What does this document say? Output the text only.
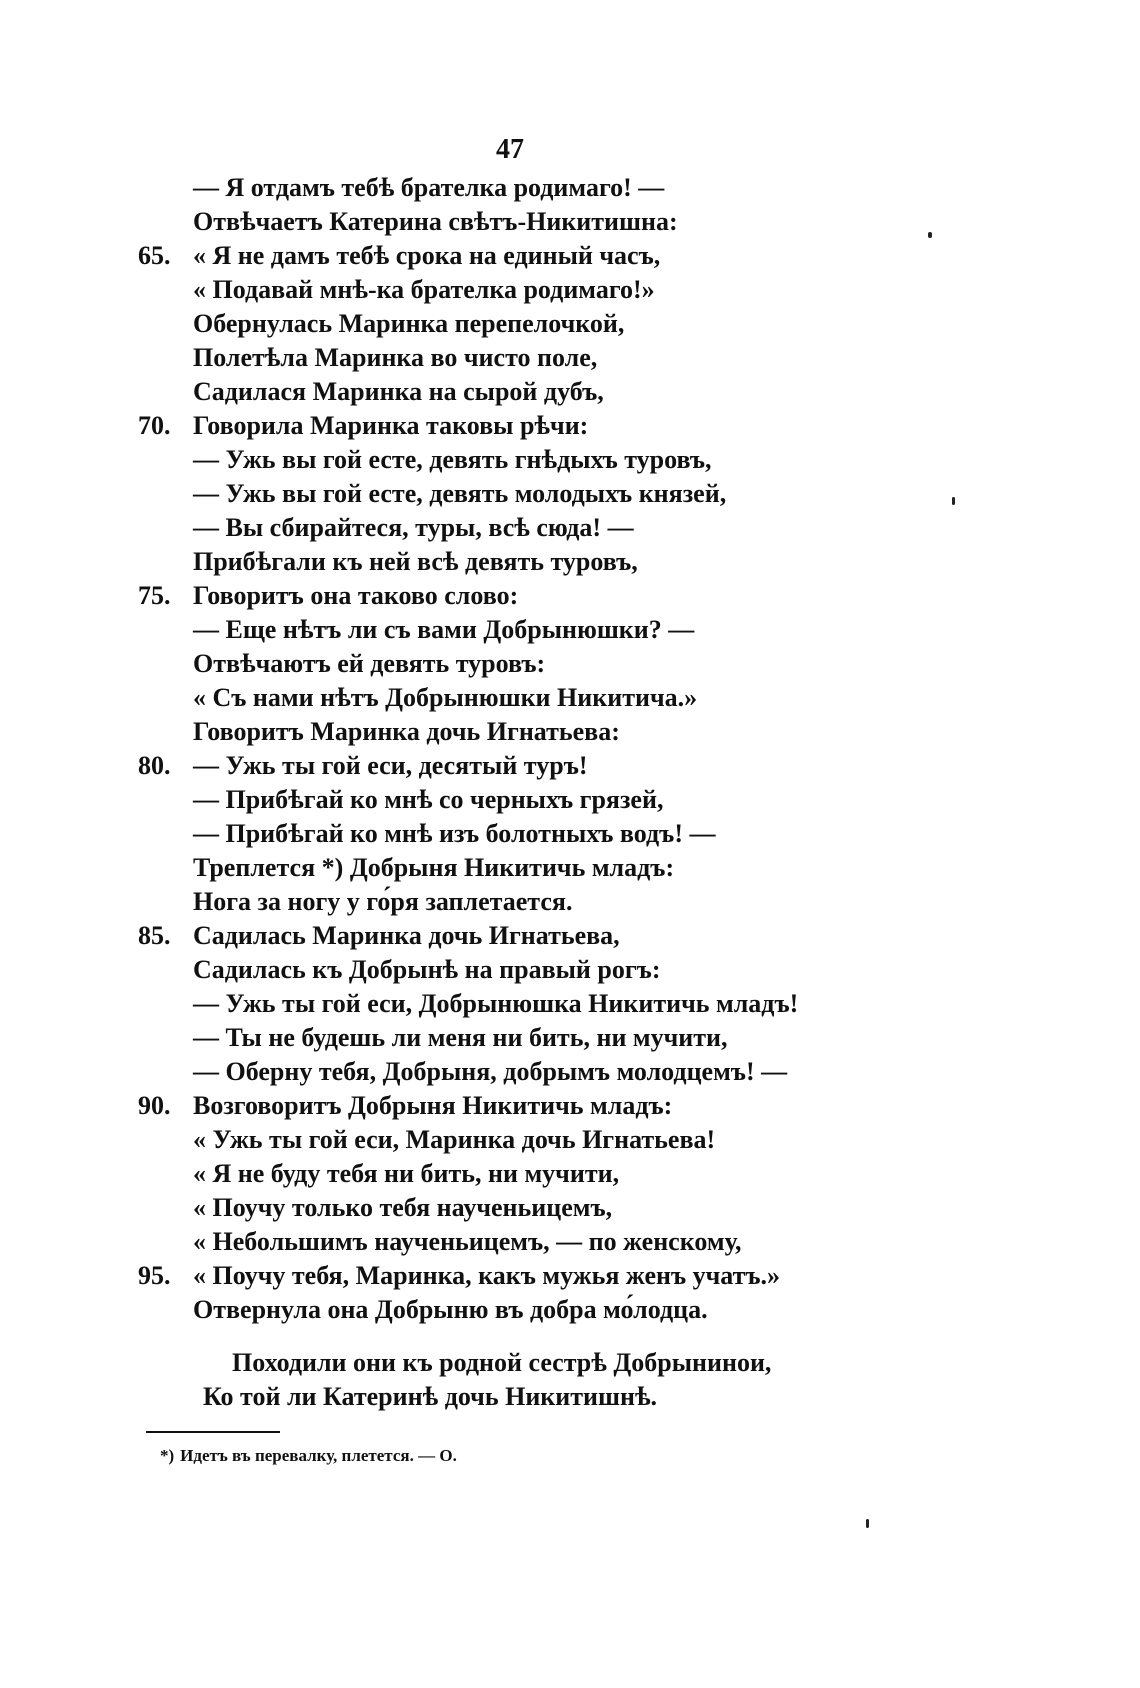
47
— Я отдамъ тебѣ брателка родимаго! —
Отвѣчаетъ Катерина свѣтъ-Никитишна:
65. « Я не дамъ тебѣ срока на единый часъ,
« Подавай мнѣ-ка брателка родимаго!»
Обернулась Маринка перепелочкой,
Полетѣла Маринка во чисто поле,
Садилася Маринка на сырой дубъ,
70. Говорила Маринка таковы рѣчи:
— Ужь вы гой есте, девять гнѣдыхъ туровъ,
— Ужь вы гой есте, девять молодыхъ князей,
— Вы сбирайтеся, туры, всѣ сюда! —
Прибѣгали къ ней всѣ девять туровъ,
75. Говоритъ она таково слово:
— Еще нѣтъ ли съ вами Добрынюшки? —
Отвѣчаютъ ей девять туровъ:
« Съ нами нѣтъ Добрынюшки Никитича.»
Говоритъ Маринка дочь Игнатьева:
80. — Ужь ты гой еси, десятый туръ!
— Прибѣгай ко мнѣ со черныхъ грязей,
— Прибѣгай ко мнѣ изъ болотныхъ водъ! —
Треплется *) Добрыня Никитичь младъ:
Нога за ногу у го́ря заплетается.
85. Садилась Маринка дочь Игнатьева,
Садилась къ Добрынѣ на правый рогъ:
— Ужь ты гой еси, Добрынюшка Никитичь младъ!
— Ты не будешь ли меня ни бить, ни мучити,
— Оберну тебя, Добрыня, добрымъ молодцемъ! —
90. Возговоритъ Добрыня Никитичь младъ:
« Ужь ты гой еси, Маринка дочь Игнатьева!
« Я не буду тебя ни бить, ни мучити,
« Поучу только тебя наученьицемъ,
« Небольшимъ наученьицемъ, — по женскому,
95. « Поучу тебя, Маринка, какъ мужья женъ учатъ.»
Отвернула она Добрыню въ добра мо́лодца.
Походили они къ родной сестрѣ Добрынинои,
Ко той ли Катеринѣ дочь Никитишнѣ.
*) Идетъ въ перевалку, плетется. — О.
